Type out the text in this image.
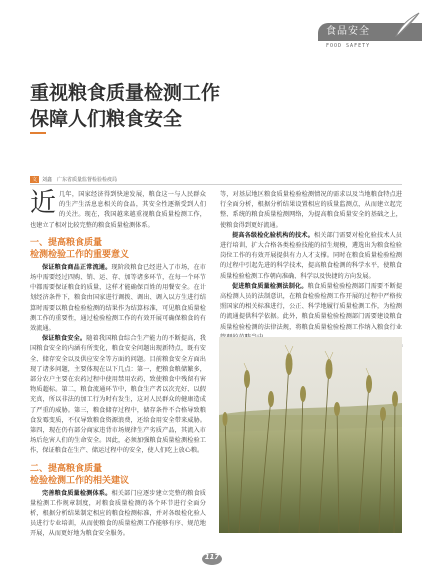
食品安全
FOOD SAFETY
重视粮食质量检测工作
保障人们粮食安全
文 刘鑫　广东省质量监督检验检疫局

近几年，国家经济得到快速发展，粮食这一与人民群众的生产生活息息相关的食品，其安全性逐渐受到人们的关注。现在，我国越来越重视粮食质量检测工作，也建立了相对比较完整的粮食质量检测体系。

一、提高粮食质量
检测检验工作的重要意义

保证粮食商品正常流通。现阶段粮食已经进入了市场，在市场中需要经过四购、销、运、存、加等诸多环节，在每一个环节中都需要保证粮食的质量，这样才能确保百姓的用餐安全。在计划经济条件下，粮食由国家进行调拨、调出、调入以方生进行结算时需要以粮食检验检测的结果作为结算标准，可见粮食质量检测工作的重要性，通过检验检测工作的有效开展可确保粮食的有效流通。

保证粮食安全。随着我国粮食综合生产能力的不断提高，我国粮食安全的内涵有所变化，粮食安全问题出现新特点，既有安全、储存安全以及供应安全等方面的问题。目前粮食安全方面出现了诸多问题，主要体现在以下几点：第一，把粮食粮储繁多，部分农户主要在农药过程中使用禁用农药，致使粮食中残留有害物质超标。第二，粮食流通环节中，粮食生产者以次充好、以假充真，所以非法的加工行为时有发生，这对人民群众的健康造成了严重的威胁。第三，粮食储存过程中，储存条件不合格导致粮食发霉变质，不仅导致粮食资源浪费，还给食用安全带来威胁。第四，现在仍有部分商家违背市场规律生产劣质产品，其流入市场后危害人们的生命安全。因此，必须加强粮食质量检测检验工作，保证粮食在生产、储运过程中的安全，使人们吃上放心粮。

二、提高粮食质量
检验检测工作的相关建议

完善粮食质量检测体系。相关部门应逐步建立完整的粮食质量检测工作规章制度，对粮食质量检测的各个环节进行全面分析，根据分析结果制定相应的粮食检测标准，并对各级检化验人员进行专业培训，从而使粮食的质量检测工作能够有序、规范地开展，从而更好地为粮食安全服务。

等，对基层地区粮食质量检验检测情况的需求以及当地粮食特点进行全面分析，根据分析结果设置相应的质量监测点，从而建立起完整、系统的粮食质量检测网络，为提高粮食质量安全的基础之上，使粮食得到更好流通。

提高各级检化验机构的技术。相关部门需要对检化验技术人员进行培训，扩大合格各类检验技能的招生规模，遴选出为粮食检验岗位工作的有效开展提供有力人才支撑。同时在粮食质量检验检测的过程中引起先进的科学技术，提高粮食检测的科学水平，使粮食质量检验检测工作朝向准确、科学以及快捷的方向发展。

促进粮食质量检测法制化。粮食质量检验检测部门需要不断提高检测人员的法制意识，在粮食检验检测工作开展的过程中严格按照国家的相关标准进行，公正、科学地履行质量检测工作，为检测的流通提供科学依据。此外，粮食质量检验检测部门需要建设粮食质量检验检测的法律法规，将粮食质量检验检测工作纳入粮食行业

117
